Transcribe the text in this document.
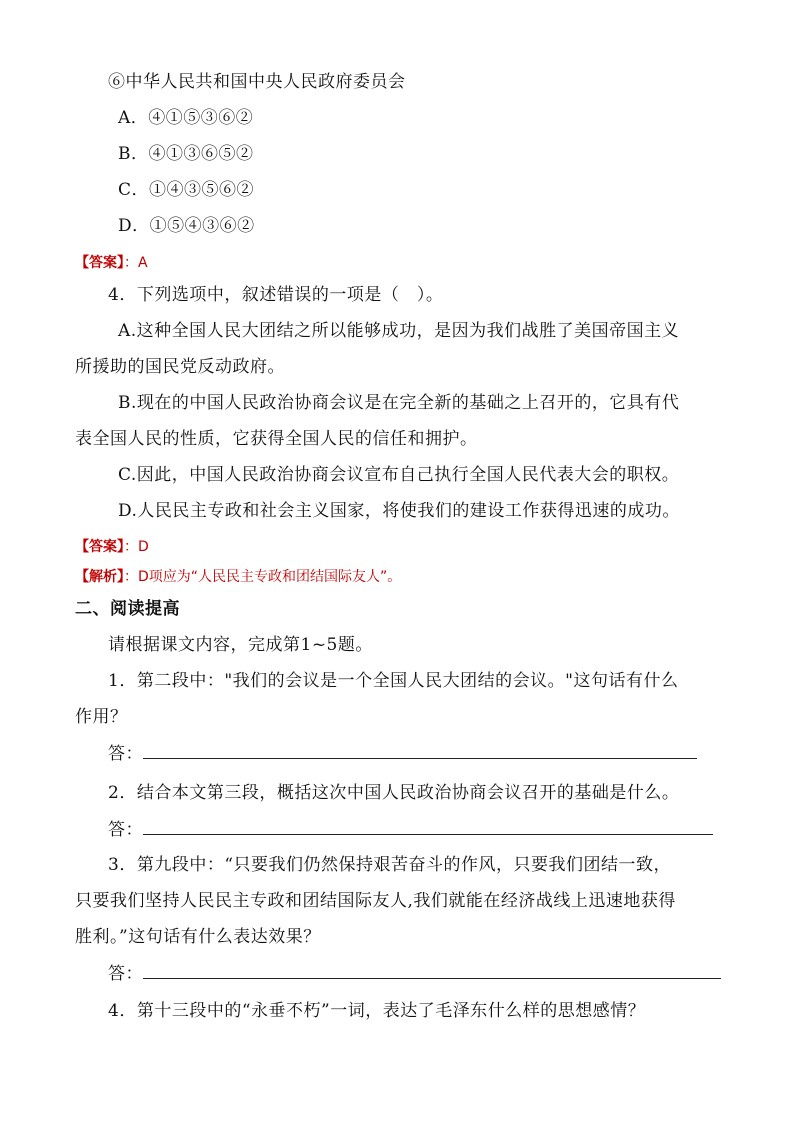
⑥中华人民共和国中央人民政府委员会
A．④①⑤③⑥②
B．④①③⑥⑤②
C．①④③⑤⑥②
D．①⑤④③⑥②
【答案】：A
4．下列选项中，叙述错误的一项是（　）。
A.这种全国人民大团结之所以能够成功，是因为我们战胜了美国帝国主义
所援助的国民党反动政府。
B.现在的中国人民政治协商会议是在完全新的基础之上召开的，它具有代
表全国人民的性质，它获得全国人民的信任和拥护。
C.因此，中国人民政治协商会议宣布自己执行全国人民代表大会的职权。
D.人民民主专政和社会主义国家，将使我们的建设工作获得迅速的成功。
【答案】：D
【解析】：D项应为“人民民主专政和团结国际友人”。
二、阅读提高
请根据课文内容，完成第1~5题。
1．第二段中："我们的会议是一个全国人民大团结的会议。"这句话有什么
作用？
答：
2．结合本文第三段，概括这次中国人民政治协商会议召开的基础是什么。
答：
3．第九段中：“只要我们仍然保持艰苦奋斗的作风，只要我们团结一致，
只要我们坚持人民民主专政和团结国际友人,我们就能在经济战线上迅速地获得
胜利。”这句话有什么表达效果？
答：
4．第十三段中的“永垂不朽”一词，表达了毛泽东什么样的思想感情？
